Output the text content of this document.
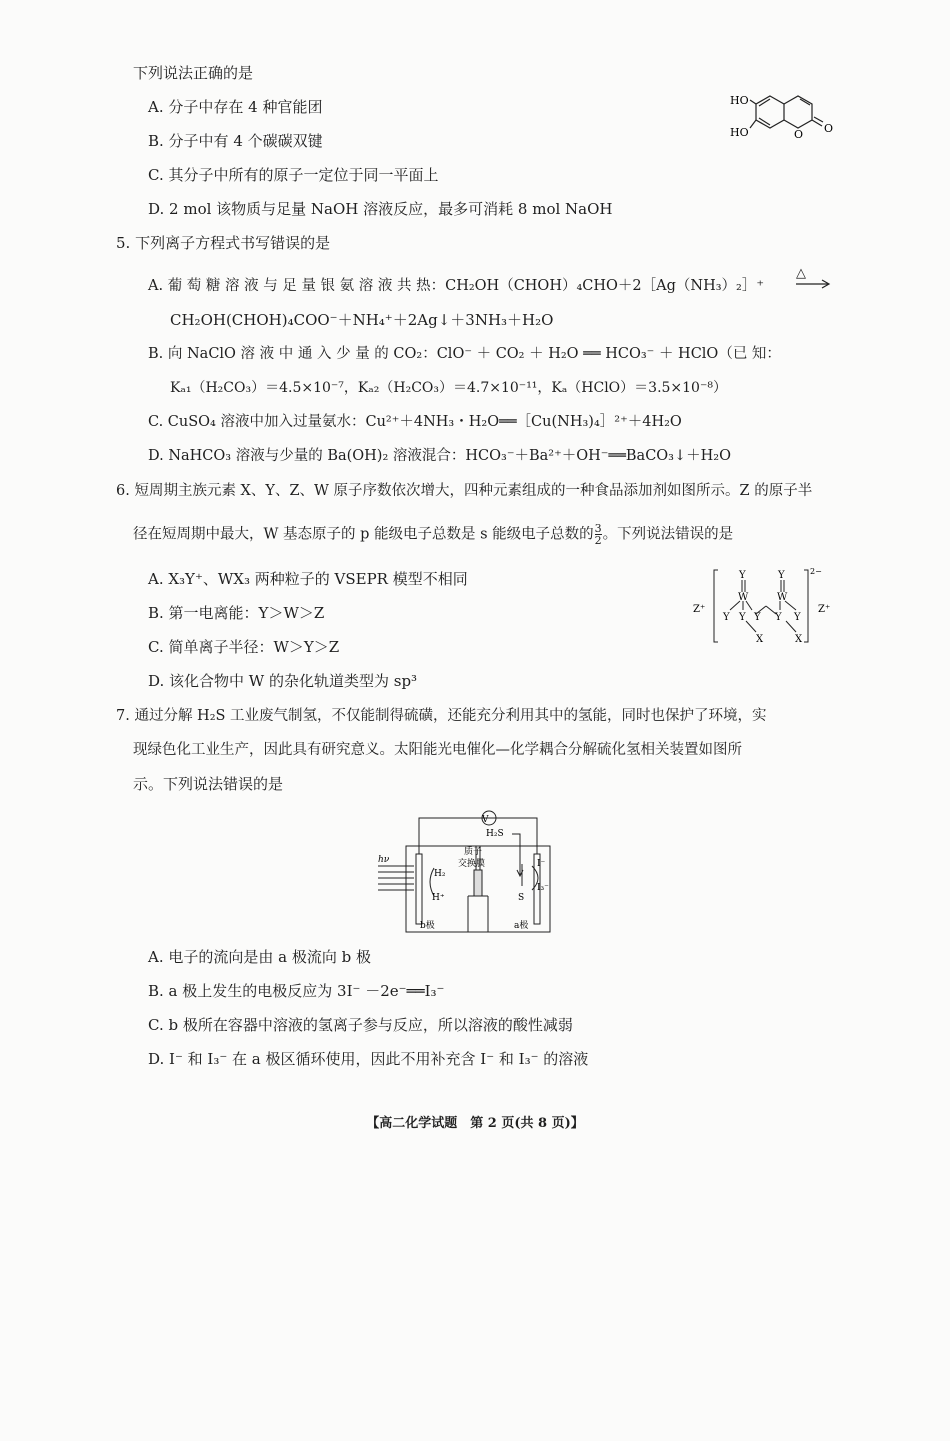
下列说法正确的是
A. 分子中存在 4 种官能团
B. 分子中有 4 个碳碳双键
C. 其分子中所有的原子一定位于同一平面上
D. 2 mol 该物质与足量 NaOH 溶液反应，最多可消耗 8 mol NaOH
HO
HO	O O
5. 下列离子方程式书写错误的是
A. 葡 萄 糖 溶 液 与 足 量 银 氨 溶 液 共 热：CH₂OH（CHOH）₄CHO＋2［Ag（NH₃）₂］⁺
△
CH₂OH(CHOH)₄COO⁻＋NH₄⁺＋2Ag↓＋3NH₃＋H₂O
B. 向 NaClO 溶 液 中 通 入 少 量 的 CO₂：ClO⁻ ＋ CO₂ ＋ H₂O ══ HCO₃⁻ ＋ HClO（已 知：
Kₐ₁（H₂CO₃）＝4.5×10⁻⁷，Kₐ₂（H₂CO₃）＝4.7×10⁻¹¹，Kₐ（HClO）＝3.5×10⁻⁸）
C. CuSO₄ 溶液中加入过量氨水：Cu²⁺＋4NH₃・H₂O══［Cu(NH₃)₄］²⁺＋4H₂O
D. NaHCO₃ 溶液与少量的 Ba(OH)₂ 溶液混合：HCO₃⁻＋Ba²⁺＋OH⁻══BaCO₃↓＋H₂O
6. 短周期主族元素 X、Y、Z、W 原子序数依次增大，四种元素组成的一种食品添加剂如图所示。Z 的原子半
径在短周期中最大，W 基态原子的 p 能级电子总数是 s 能级电子总数的 $\frac{3}{2}$ 。下列说法错误的是
A. X₃Y⁺、WX₃ 两种粒子的 VSEPR 模型不相同
B. 第一电离能：Y＞W＞Z
C. 简单离子半径：W＞Y＞Z
D. 该化合物中 W 的杂化轨道类型为 sp³
Z⁺	Z⁺
2−
Y	Y
W	W
Y Y Y Y Y
X	X
7. 通过分解 H₂S 工业废气制氢，不仅能制得硫磺，还能充分利用其中的氢能，同时也保护了环境，实
现绿色化工业生产，因此具有研究意义。太阳能光电催化—化学耦合分解硫化氢相关装置如图所
示。下列说法错误的是
V
H₂S
质子
交换膜
hν
H₂
H⁺	S
I⁻
I₃⁻
b极	a极
A. 电子的流向是由 a 极流向 b 极
B. a 极上发生的电极反应为 3I⁻ －2e⁻══I₃⁻
C. b 极所在容器中溶液的氢离子参与反应，所以溶液的酸性减弱
D. I⁻ 和 I₃⁻ 在 a 极区循环使用，因此不用补充含 I⁻ 和 I₃⁻ 的溶液
【高二化学试题　第 2 页(共 8 页)】
